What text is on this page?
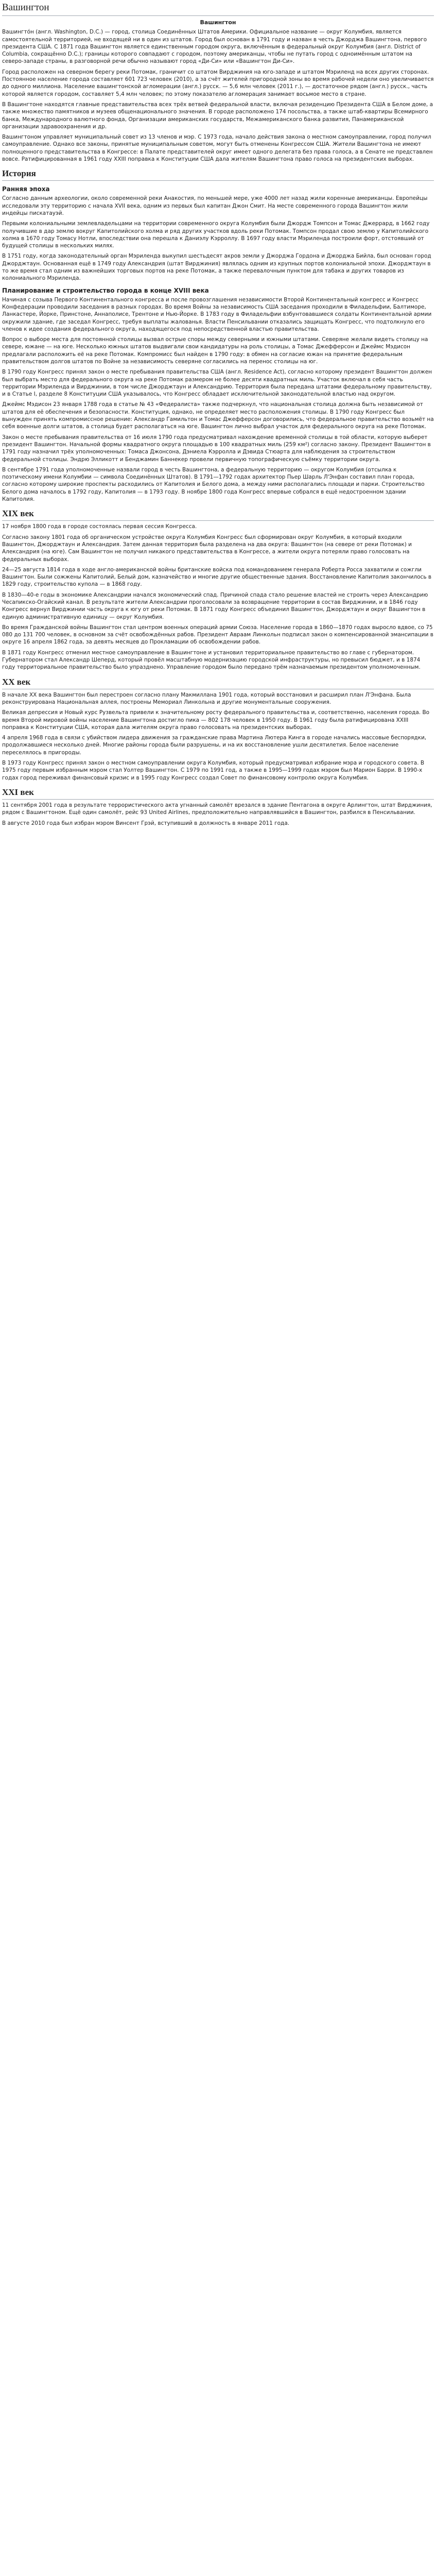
Вашингтон
Вашингтон

Вашингто́н (англ. Washington, D.C.) — город, столица Соединённых Штатов Америки. Официальное название — округ Колумбия, является самостоятельной территорией, не входящей ни в один из штатов. Город был основан в 1791 году и назван в честь Джорджа Вашингтона, первого президента США. С 1871 года Вашингтон является единственным городом округа, включённым в федеральный округ Колумбия (англ. District of Columbia, сокращённо D.C.); границы которого совпадают с городом, поэтому американцы, чтобы не путать город с одноимённым штатом на северо-западе страны, в разговорной речи обычно называют город «Ди-Си» или «Вашингтон Ди-Си».

Город расположен на северном берегу реки Потомак, граничит со штатом Вирджиния на юго-западе и штатом Мэриленд на всех других сторонах. Постоянное население города составляет 601 723 человек (2010), а за счёт жителей пригородной зоны во время рабочей недели оно увеличивается до одного миллиона. Население вашингтонской агломерации (англ.) русск. — 5,6 млн человек (2011 г.), — достаточное рядом (англ.) русск., часть которой является городом, составляет 5,4 млн человек; по этому показателю агломерация занимает восьмое место в стране.

В Вашингтоне находятся главные представительства всех трёх ветвей федеральной власти, включая резиденцию Президента США в Белом доме, а также множество памятников и музеев общенационального значения. В городе расположено 174 посольства, а также штаб-квартиры Всемирного банка, Международного валютного фонда, Организации американских государств, Межамериканского банка развития, Панамериканской организации здравоохранения и др.

Вашингтоном управляет муниципальный совет из 13 членов и мэр. С 1973 года, начало действия закона о местном самоуправлении, город получил самоуправление. Однако все законы, принятые муниципальным советом, могут быть отменены Конгрессом США. Жители Вашингтона не имеют полноценного представительства в Конгрессе: в Палате представителей округ имеет одного делегата без права голоса, а в Сенате не представлен вовсе. Ратифицированная в 1961 году XXIII поправка к Конституции США дала жителям Вашингтона право голоса на президентских выборах.

История
Ранняя эпоха

Согласно данным археологии, около современной реки Анакостия, по меньшей мере, уже 4000 лет назад жили коренные американцы. Европейцы исследовали эту территорию с начала XVII века, одним из первых был капитан Джон Смит. На месте современного города Вашингтон жили индейцы пискатауэй.

Первыми колониальными землевладельцами на территории современного округа Колумбия были Джордж Томпсон и Томас Джеррард, в 1662 году получившие в дар землю вокруг Капитолийского холма и ряд других участков вдоль реки Потомак. Томпсон продал свою землю у Капитолийского холма в 1670 году Томасу Нотли, впоследствии она перешла к Даниэлу Кэрроллу. В 1697 году власти Мэриленда построили форт, отстоявший от будущей столицы в нескольких милях.

В 1751 году, когда законодательный орган Мэриленда выкупил шестьдесят акров земли у Джорджа Гордона и Джорджа Бийла, был основан город Джорджтаун. Основанная ещё в 1749 году Александрия (штат Вирджиния) являлась одним из крупных портов колониальной эпохи. Джорджтаун в то же время стал одним из важнейших торговых портов на реке Потомак, а также перевалочным пунктом для табака и других товаров из колониального Мэриленда.

Планирование и строительство города в конце XVIII века

Начиная с созыва Первого Континентального конгресса и после провозглашения независимости Второй Континентальный конгресс и Конгресс Конфедерации проводили заседания в разных городах. Во время Войны за независимость США заседания проходили в Филадельфии, Балтиморе, Ланкастере, Йорке, Принстоне, Аннаполисе, Трентоне и Нью-Йорке. В 1783 году в Филадельфии взбунтовавшиеся солдаты Континентальной армии окружили здание, где заседал Конгресс, требуя выплаты жалованья. Власти Пенсильвании отказались защищать Конгресс, что подтолкнуло его членов к идее создания федерального округа, находящегося под непосредственной властью правительства.

Вопрос о выборе места для постоянной столицы вызвал острые споры между северными и южными штатами. Северяне желали видеть столицу на севере, южане — на юге. Несколько южных штатов выдвигали свои кандидатуры на роль столицы, а Томас Джефферсон и Джеймс Мэдисон предлагали расположить её на реке Потомак. Компромисс был найден в 1790 году: в обмен на согласие южан на принятие федеральным правительством долгов штатов по Войне за независимость северяне согласились на перенос столицы на юг.

В 1790 году Конгресс принял закон о месте пребывания правительства США (англ. Residence Act), согласно которому президент Вашингтон должен был выбрать место для федерального округа на реке Потомак размером не более десяти квадратных миль. Участок включал в себя часть территории Мэриленда и Вирджинии, в том числе Джорджтаун и Александрию. Территория была передана штатами федеральному правительству, и в Статье I, разделе 8 Конституции США указывалось, что Конгресс обладает исключительной законодательной властью над округом.

Джеймс Мэдисон 23 января 1788 года в статье № 43 «Федералиста» также подчеркнул, что национальная столица должна быть независимой от штатов для её обеспечения и безопасности. Конституция, однако, не определяет место расположения столицы. В 1790 году Конгресс был вынужден принять компромиссное решение: Александр Гамильтон и Томас Джефферсон договорились, что федеральное правительство возьмёт на себя военные долги штатов, а столица будет располагаться на юге. Вашингтон лично выбрал участок для федерального округа на реке Потомак.

Закон о месте пребывания правительства от 16 июля 1790 года предусматривал нахождение временной столицы в той области, которую выберет президент Вашингтон. Начальной формы квадратного округа площадью в 100 квадратных миль (259 км²) согласно закону. Президент Вашингтон в 1791 году назначил трёх уполномоченных: Томаса Джонсона, Дэниела Кэрролла и Дэвида Стюарта для наблюдения за строительством федеральной столицы. Эндрю Элликотт и Бенджамин Баннекер провели первичную топографическую съёмку территории округа.

В сентябре 1791 года уполномоченные назвали город в честь Вашингтона, а федеральную территорию — округом Колумбия (отсылка к поэтическому имени Колумбии — символа Соединённых Штатов). В 1791—1792 годах архитектор Пьер Шарль Л'Энфан составил план города, согласно которому широкие проспекты расходились от Капитолия и Белого дома, а между ними располагались площади и парки. Строительство Белого дома началось в 1792 году, Капитолия — в 1793 году. В ноябре 1800 года Конгресс впервые собрался в ещё недостроенном здании Капитолия.

XIX век

17 ноября 1800 года в городе состоялась первая сессия Конгресса.

Согласно закону 1801 года об органическом устройстве округа Колумбия Конгресс был сформирован округ Колумбия, в который входили Вашингтон, Джорджтаун и Александрия. Затем данная территория была разделена на два округа: Вашингтон (на севере от реки Потомак) и Александрия (на юге). Сам Вашингтон не получил никакого представительства в Конгрессе, а жители округа потеряли право голосовать на федеральных выборах.

24—25 августа 1814 года в ходе англо-американской войны британские войска под командованием генерала Роберта Росса захватили и сожгли Вашингтон. Были сожжены Капитолий, Белый дом, казначейство и многие другие общественные здания. Восстановление Капитолия закончилось в 1829 году, строительство купола — в 1868 году.

В 1830—40-е годы в экономике Александрии начался экономический спад. Причиной спада стало решение властей не строить через Александрию Чесапикско-Огайский канал. В результате жители Александрии проголосовали за возвращение территории в состав Вирджинии, и в 1846 году Конгресс вернул Вирджинии часть округа к югу от реки Потомак. В 1871 году Конгресс объединил Вашингтон, Джорджтаун и округ Вашингтон в единую административную единицу — округ Колумбия.

Во время Гражданской войны Вашингтон стал центром военных операций армии Союза. Население города в 1860—1870 годах выросло вдвое, со 75 080 до 131 700 человек, в основном за счёт освобождённых рабов. Президент Авраам Линкольн подписал закон о компенсированной эмансипации в округе 16 апреля 1862 года, за девять месяцев до Прокламации об освобождении рабов.

В 1871 году Конгресс отменил местное самоуправление в Вашингтоне и установил территориальное правительство во главе с губернатором. Губернатором стал Александр Шеперд, который провёл масштабную модернизацию городской инфраструктуры, но превысил бюджет, и в 1874 году территориальное правительство было упразднено. Управление городом было передано трём назначаемым президентом уполномоченным.

XX век

В начале XX века Вашингтон был перестроен согласно плану Макмиллана 1901 года, который восстановил и расширил план Л'Энфана. Была реконструирована Национальная аллея, построены Мемориал Линкольна и другие монументальные сооружения.

Великая депрессия и Новый курс Рузвельта привели к значительному росту федерального правительства и, соответственно, населения города. Во время Второй мировой войны население Вашингтона достигло пика — 802 178 человек в 1950 году. В 1961 году была ратифицирована XXIII поправка к Конституции США, которая дала жителям округа право голосовать на президентских выборах.

4 апреля 1968 года в связи с убийством лидера движения за гражданские права Мартина Лютера Кинга в городе начались массовые беспорядки, продолжавшиеся несколько дней. Многие районы города были разрушены, и на их восстановление ушли десятилетия. Белое население переселялось в пригороды.

В 1973 году Конгресс принял закон о местном самоуправлении округа Колумбия, который предусматривал избрание мэра и городского совета. В 1975 году первым избранным мэром стал Уолтер Вашингтон. С 1979 по 1991 год, а также в 1995—1999 годах мэром был Марион Барри. В 1990-х годах город переживал финансовый кризис и в 1995 году Конгресс создал Совет по финансовому контролю округа Колумбия.

XXI век

11 сентября 2001 года в результате террористического акта угнанный самолёт врезался в здание Пентагона в округе Арлингтон, штат Вирджиния, рядом с Вашингтоном. Ещё один самолёт, рейс 93 United Airlines, предположительно направлявшийся в Вашингтон, разбился в Пенсильвании.

В августе 2010 года был избран мэром Винсент Грэй, вступивший в должность в январе 2011 года.
